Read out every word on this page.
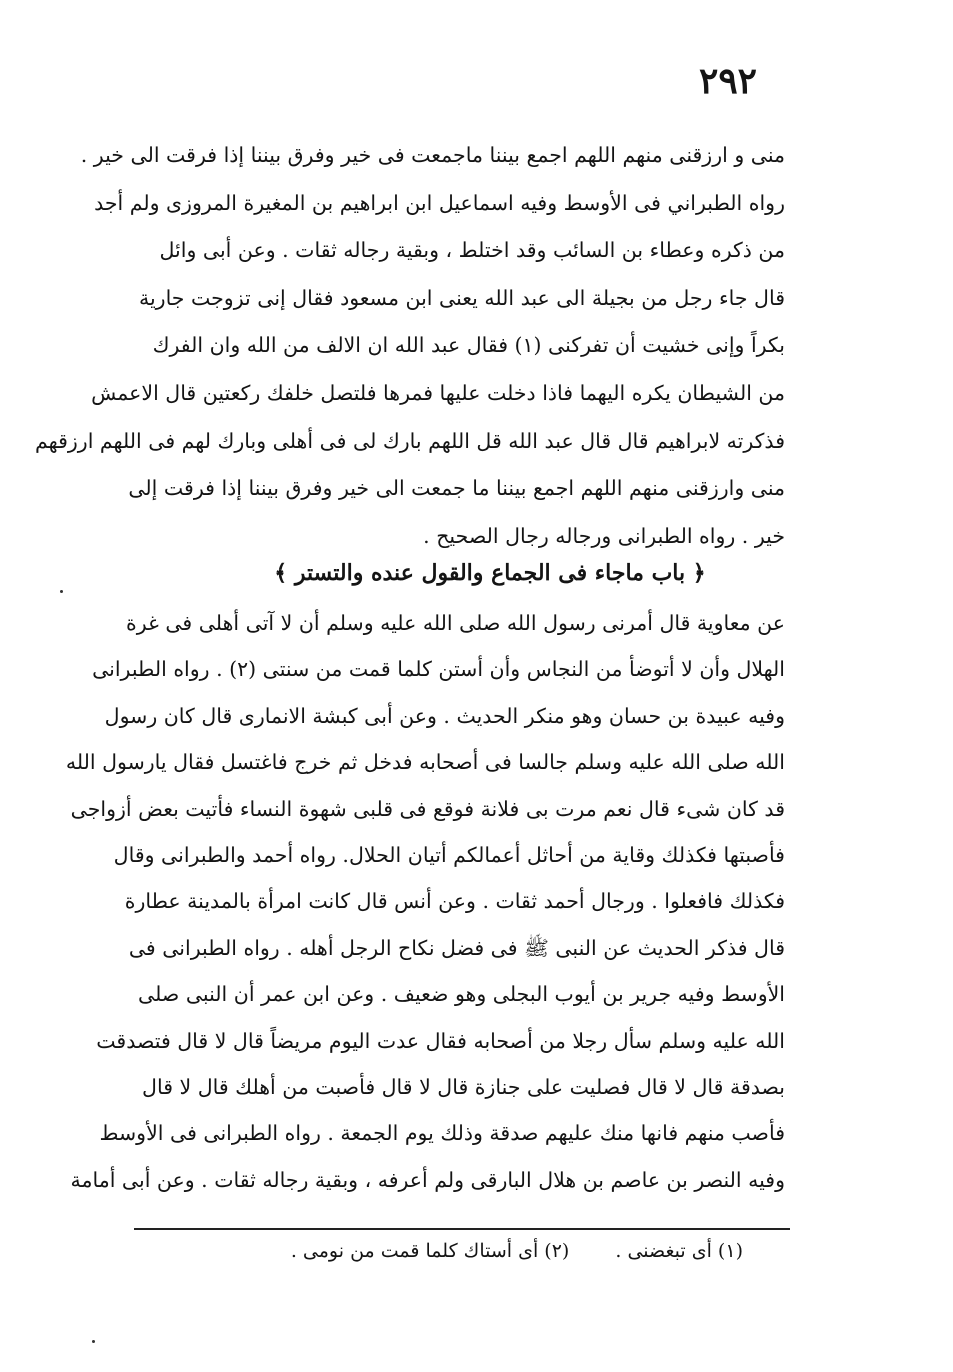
٢٩٢
منى و ارزقنى منهم اللهم اجمع بيننا ماجمعت فى خير وفرق بيننا إذا فرقت الى خير .
رواه الطبراني فى الأوسط وفيه اسماعيل ابن ابراهيم بن المغيرة المروزى ولم أجد
من ذكره وعطاء بن السائب وقد اختلط ، وبقية رجاله ثقات . وعن أبى وائل
قال جاء رجل من بجيلة الى عبد الله يعنى ابن مسعود فقال إنى تزوجت جارية
بكراً وإنى خشيت أن تفركنى (١) فقال عبد الله ان الالف من الله وان الفرك
من الشيطان يكره اليهما فاذا دخلت عليها فمرها فلتصل خلفك ركعتين قال الاعمش
فذكرته لابراهيم قال قال عبد الله قل اللهم بارك لى فى أهلى وبارك لهم فى اللهم ارزقهم
منى وارزقنى منهم اللهم اجمع بيننا ما جمعت الى خير وفرق بيننا إذا فرقت إلى
خير . رواه الطبرانى ورجاله رجال الصحيح .
﴿ باب ماجاء فى الجماع والقول عنده والتستر ﴾
عن معاوية قال أمرنى رسول الله صلى الله عليه وسلم أن لا آتى أهلى فى غرة
الهلال وأن لا أتوضأ من النجاس وأن أستن كلما قمت من سنتى (٢) . رواه الطبرانى
وفيه عبيدة بن حسان وهو منكر الحديث . وعن أبى كبشة الانمارى قال كان رسول
الله صلى الله عليه وسلم جالسا فى أصحابه فدخل ثم خرج فاغتسل فقال يارسول الله
قد كان شىء قال نعم مرت بى فلانة فوقع فى قلبى شهوة النساء فأتيت بعض أزواجى
فأصبتها فكذلك وقاية من أحاثل أعمالكم أتيان الحلال. رواه أحمد والطبرانى وقال
فكذلك فافعلوا . ورجال أحمد ثقات . وعن أنس قال كانت امرأة بالمدينة عطارة
قال فذكر الحديث عن النبى ﷺ فى فضل نكاح الرجل أهله . رواه الطبرانى فى
الأوسط وفيه جرير بن أيوب البجلى وهو ضعيف . وعن ابن عمر أن النبى صلى
الله عليه وسلم سأل رجلا من أصحابه فقال عدت اليوم مريضاً قال لا قال فتصدقت
بصدقة قال لا قال فصليت على جنازة قال لا قال فأصبت من أهلك قال لا قال
فأصب منهم فانها منك عليهم صدقة وذلك يوم الجمعة . رواه الطبرانى فى الأوسط
وفيه النصر بن عاصم بن هلال البارقى ولم أعرفه ، وبقية رجاله ثقات . وعن أبى أمامة
(١) أى تبغضنى . (٢) أى أستاك كلما قمت من نومى .
